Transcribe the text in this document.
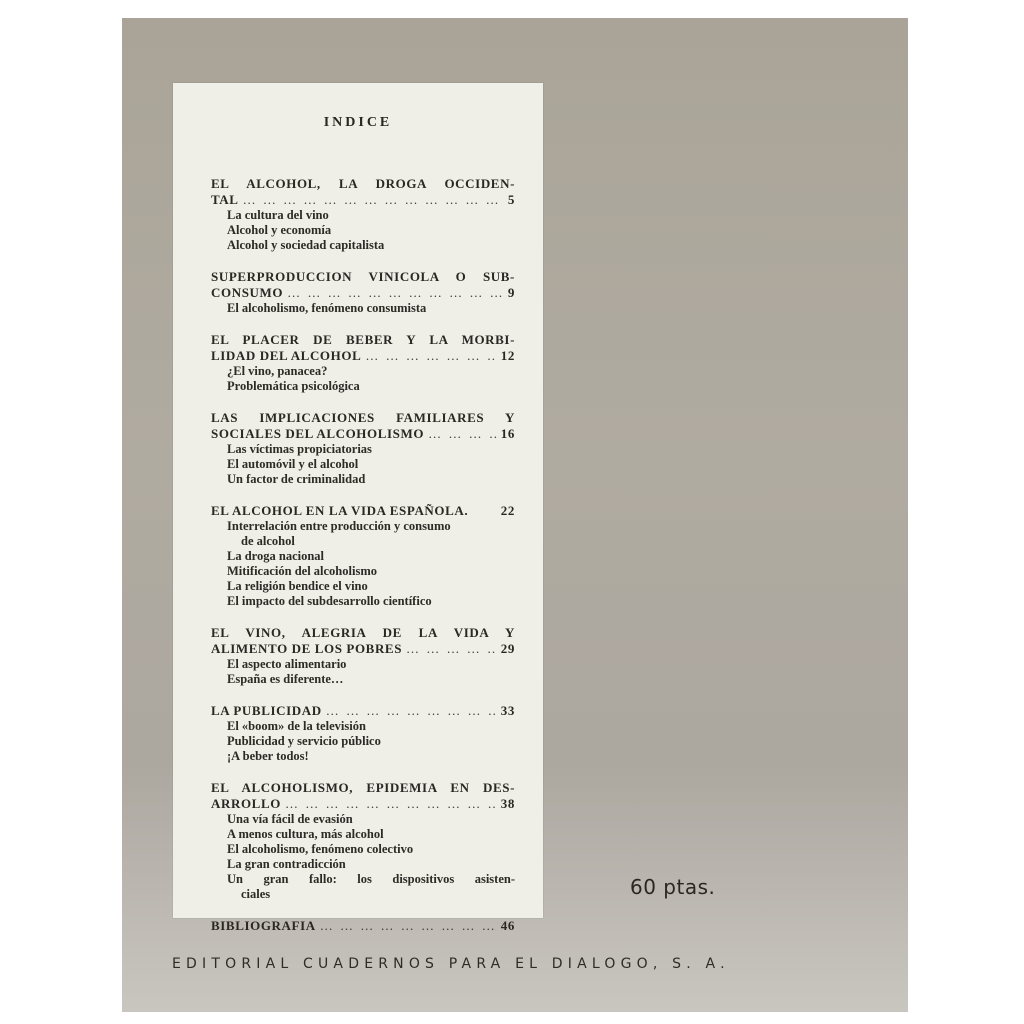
INDICE
EL ALCOHOL, LA DROGA OCCIDEN-
TAL … … … … … … … … … … … … … … … … … … … … … … … … …	5
La cultura del vino
Alcohol y economía
Alcohol y sociedad capitalista
SUPERPRODUCCION VINICOLA O SUB-
CONSUMO … … … … … … … … … … … … … … … … … … … … … … … … …	9
El alcoholismo, fenómeno consumista
EL PLACER DE BEBER Y LA MORBI-
LIDAD DEL ALCOHOL … … … … … … … … … … … … … … … … … … … … … … … … …	12
¿El vino, panacea?
Problemática psicológica
LAS IMPLICACIONES FAMILIARES Y
SOCIALES DEL ALCOHOLISMO … … … … … … … … … … … … … … … … … … … … … … … … …	16
Las víctimas propiciatorias
El automóvil y el alcohol
Un factor de criminalidad
EL ALCOHOL EN LA VIDA ESPAÑOLA.	22
Interrelación entre producción y consumo
de alcohol
La droga nacional
Mitificación del alcoholismo
La religión bendice el vino
El impacto del subdesarrollo científico
EL VINO, ALEGRIA DE LA VIDA Y
ALIMENTO DE LOS POBRES … … … … … … … … … … … … … … … … … … … … … … … … …	29
El aspecto alimentario
España es diferente…
LA PUBLICIDAD … … … … … … … … … … … … … … … … … … … … … … … … …	33
El «boom» de la televisión
Publicidad y servicio público
¡A beber todos!
EL ALCOHOLISMO, EPIDEMIA EN DES-
ARROLLO … … … … … … … … … … … … … … … … … … … … … … … … …	38
Una vía fácil de evasión
A menos cultura, más alcohol
El alcoholismo, fenómeno colectivo
La gran contradicción
Un gran fallo: los dispositivos asisten-
ciales
BIBLIOGRAFIA … … … … … … … … … … … … … … … … … … … … … … … … …	46
60 ptas.
EDITORIAL CUADERNOS PARA EL DIALOGO, S. A.
